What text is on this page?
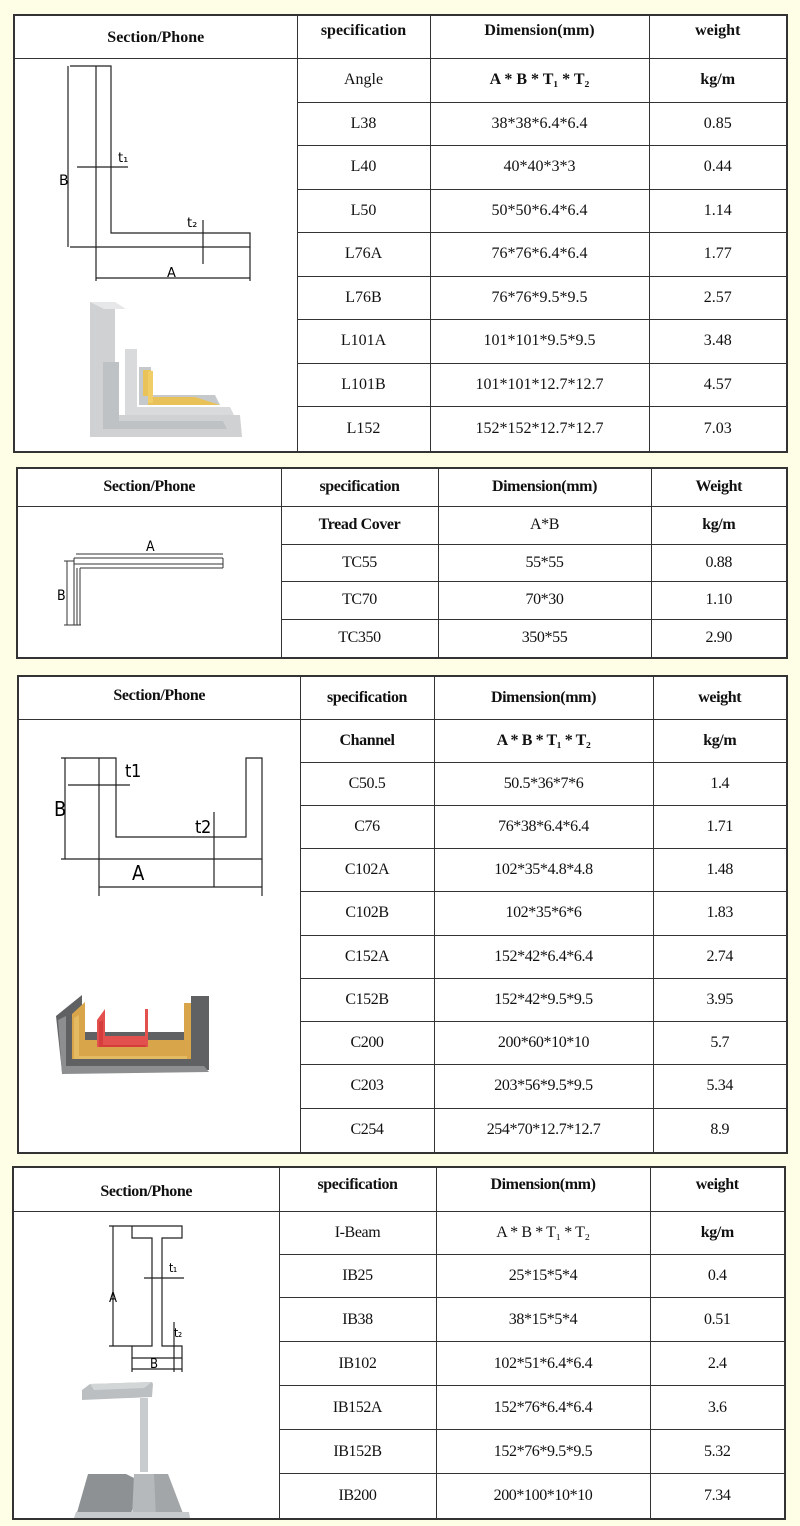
Section/Phone	specification	Dimension(mm)	weight

B
t₁
t₂
A	Angle	A * B * T₁ * T₂	kg/m
	L38	38*38*6.4*6.4	0.85
	L40	40*40*3*3	0.44
	L50	50*50*6.4*6.4	1.14
	L76A	76*76*6.4*6.4	1.77
	L76B	76*76*9.5*9.5	2.57
	L101A	101*101*9.5*9.5	3.48
	L101B	101*101*12.7*12.7	4.57
	L152	152*152*12.7*12.7	7.03
Section/Phone	specification	Dimension(mm)	Weight

A
B	Tread Cover	A*B	kg/m
	TC55	55*55	0.88
	TC70	70*30	1.10
	TC350	350*55	2.90
Section/Phone	specification	Dimension(mm)	weight

B
t1
t2
A	Channel	A * B * T₁ * T₂	kg/m
	C50.5	50.5*36*7*6	1.4
	C76	76*38*6.4*6.4	1.71
	C102A	102*35*4.8*4.8	1.48
	C102B	102*35*6*6	1.83
	C152A	152*42*6.4*6.4	2.74
	C152B	152*42*9.5*9.5	3.95
	C200	200*60*10*10	5.7
	C203	203*56*9.5*9.5	5.34
	C254	254*70*12.7*12.7	8.9
Section/Phone	specification	Dimension(mm)	weight

A
t₁
t₂
B	I-Beam	A * B * T₁ * T₂	kg/m
	IB25	25*15*5*4	0.4
	IB38	38*15*5*4	0.51
	IB102	102*51*6.4*6.4	2.4
	IB152A	152*76*6.4*6.4	3.6
	IB152B	152*76*9.5*9.5	5.32
	IB200	200*100*10*10	7.34
